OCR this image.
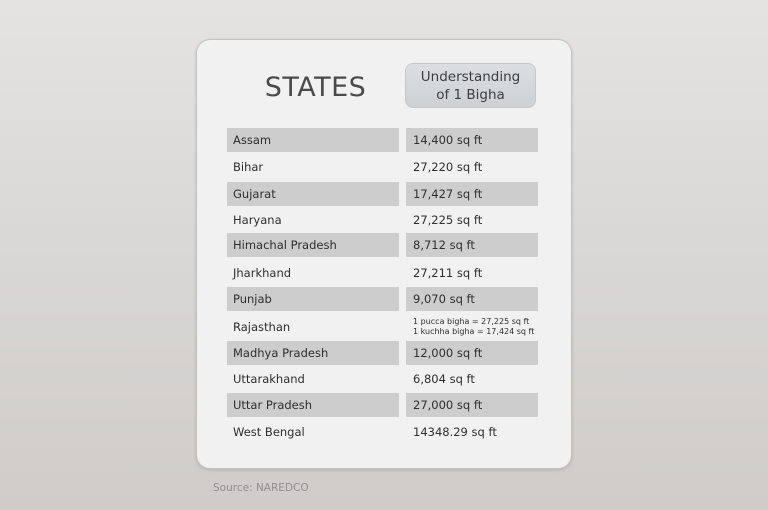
STATES	Understanding
of 1 Bigha
Assam	14,400 sq ft
Bihar	27,220 sq ft
Gujarat	17,427 sq ft
Haryana	27,225 sq ft
Himachal Pradesh	8,712 sq ft
Jharkhand	27,211 sq ft
Punjab	9,070 sq ft
Rajasthan	1 pucca bigha = 27,225 sq ft
1 kuchha bigha = 17,424 sq ft
Madhya Pradesh	12,000 sq ft
Uttarakhand	6,804 sq ft
Uttar Pradesh	27,000 sq ft
West Bengal	14348.29 sq ft
Source: NAREDCO
